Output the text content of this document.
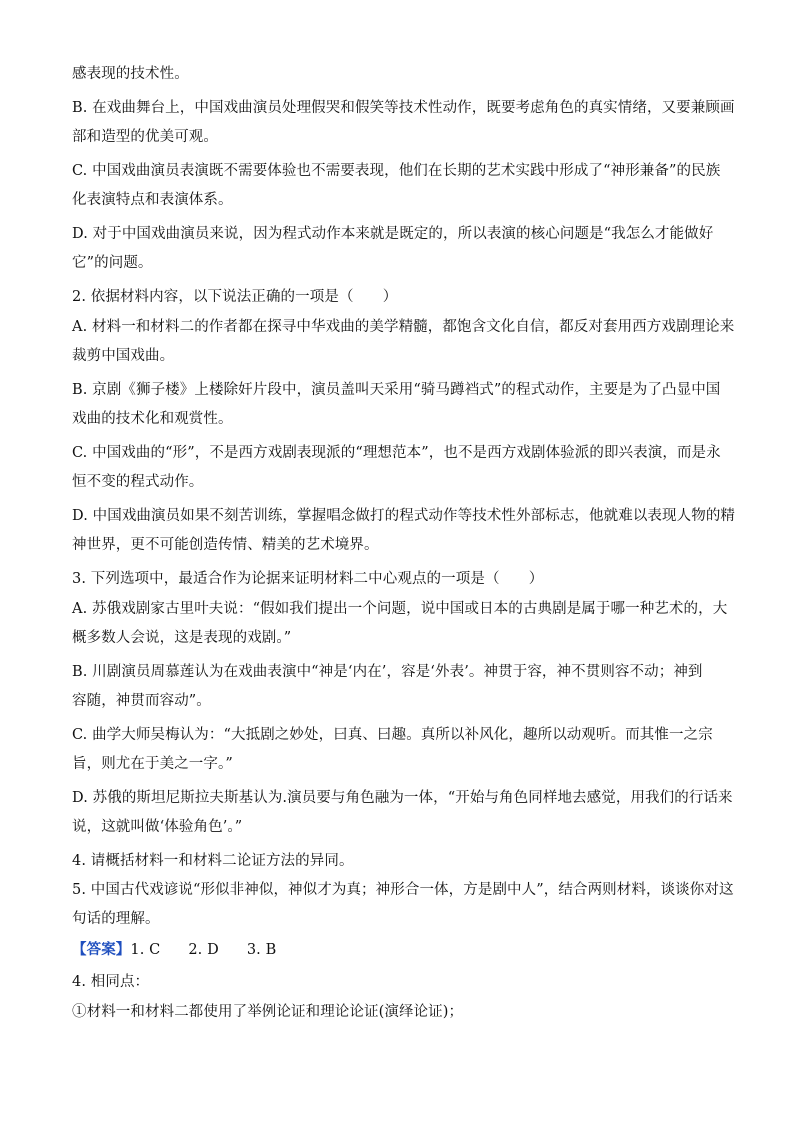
感表现的技术性。
B. 在戏曲舞台上，中国戏曲演员处理假哭和假笑等技术性动作，既要考虑角色的真实情绪，又要兼顾画
部和造型的优美可观。
C. 中国戏曲演员表演既不需要体验也不需要表现，他们在长期的艺术实践中形成了“神形兼备”的民族
化表演特点和表演体系。
D. 对于中国戏曲演员来说，因为程式动作本来就是既定的，所以表演的核心问题是“我怎么才能做好
它”的问题。
2. 依据材料内容，以下说法正确的一项是（　　）
A. 材料一和材料二的作者都在探寻中华戏曲的美学精髓，都饱含文化自信，都反对套用西方戏剧理论来
裁剪中国戏曲。
B. 京剧《狮子楼》上楼除奸片段中，演员盖叫天采用“骑马蹲裆式”的程式动作，主要是为了凸显中国
戏曲的技术化和观赏性。
C. 中国戏曲的“形”，不是西方戏剧表现派的“理想范本”，也不是西方戏剧体验派的即兴表演，而是永
恒不变的程式动作。
D. 中国戏曲演员如果不刻苦训练，掌握唱念做打的程式动作等技术性外部标志，他就难以表现人物的精
神世界，更不可能创造传情、精美的艺术境界。
3. 下列选项中，最适合作为论据来证明材料二中心观点的一项是（　　）
A. 苏俄戏剧家古里叶夫说：“假如我们提出一个问题，说中国或日本的古典剧是属于哪一种艺术的，大
概多数人会说，这是表现的戏剧。”
B. 川剧演员周慕莲认为在戏曲表演中“神是‘内在’，容是‘外表’。神贯于容，神不贯则容不动；神到
容随，神贯而容动”。
C. 曲学大师吴梅认为：“大抵剧之妙处，曰真、曰趣。真所以补风化，趣所以动观听。而其惟一之宗
旨，则尤在于美之一字。”
D. 苏俄的斯坦尼斯拉夫斯基认为.演员要与角色融为一体，“开始与角色同样地去感觉，用我们的行话来
说，这就叫做‘体验角色’。”
4. 请概括材料一和材料二论证方法的异同。
5. 中国古代戏谚说“形似非神似，神似才为真；神形合一体，方是剧中人”，结合两则材料，谈谈你对这
句话的理解。
【答案】1. C 2. D 3. B
4. 相同点：
①材料一和材料二都使用了举例论证和理论论证(演绎论证)；
